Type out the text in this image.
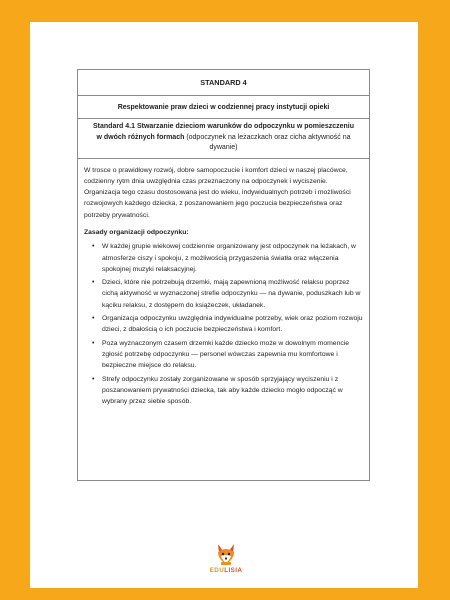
STANDARD 4
Respektowanie praw dzieci w codziennej pracy instytucji opieki
Standard 4.1 Stwarzanie dzieciom warunków do odpoczynku w pomieszczeniu w dwóch różnych formach (odpoczynek na leżaczkach oraz cicha aktywność na dywanie)

W trosce o prawidłowy rozwój, dobre samopoczucie i komfort dzieci w naszej placówce, codzienny rytm dnia uwzględnia czas przeznaczony na odpoczynek i wyciszenie. Organizacja tego czasu dostosowana jest do wieku, indywidualnych potrzeb i możliwości rozwojowych każdego dziecka, z poszanowaniem jego poczucia bezpieczeństwa oraz potrzeby prywatności.

Zasady organizacji odpoczynku:

• W każdej grupie wiekowej codziennie organizowany jest odpoczynek na leżakach, w atmosferze ciszy i spokoju, z możliwością przygaszenia światła oraz włączenia spokojnej muzyki relaksacyjnej.
• Dzieci, które nie potrzebują drzemki, mają zapewnioną możliwość relaksu poprzez cichą aktywność w wyznaczonej strefie odpoczynku — na dywanie, poduszkach lub w kąciku relaksu, z dostępem do książeczek, układanek.
• Organizacja odpoczynku uwzględnia indywidualne potrzeby, wiek oraz poziom rozwoju dzieci, z dbałością o ich poczucie bezpieczeństwa i komfort.
• Poza wyznaczonym czasem drzemki każde dziecko może w dowolnym momencie zgłosić potrzebę odpoczynku — personel wówczas zapewnia mu komfortowe i bezpieczne miejsce do relaksu.
• Strefy odpoczynku zostały zorganizowane w sposób sprzyjający wyciszeniu i z poszanowaniem prywatności dziecka, tak aby każde dziecko mogło odpocząć w wybrany przez siebie sposób.
EDULISIA
